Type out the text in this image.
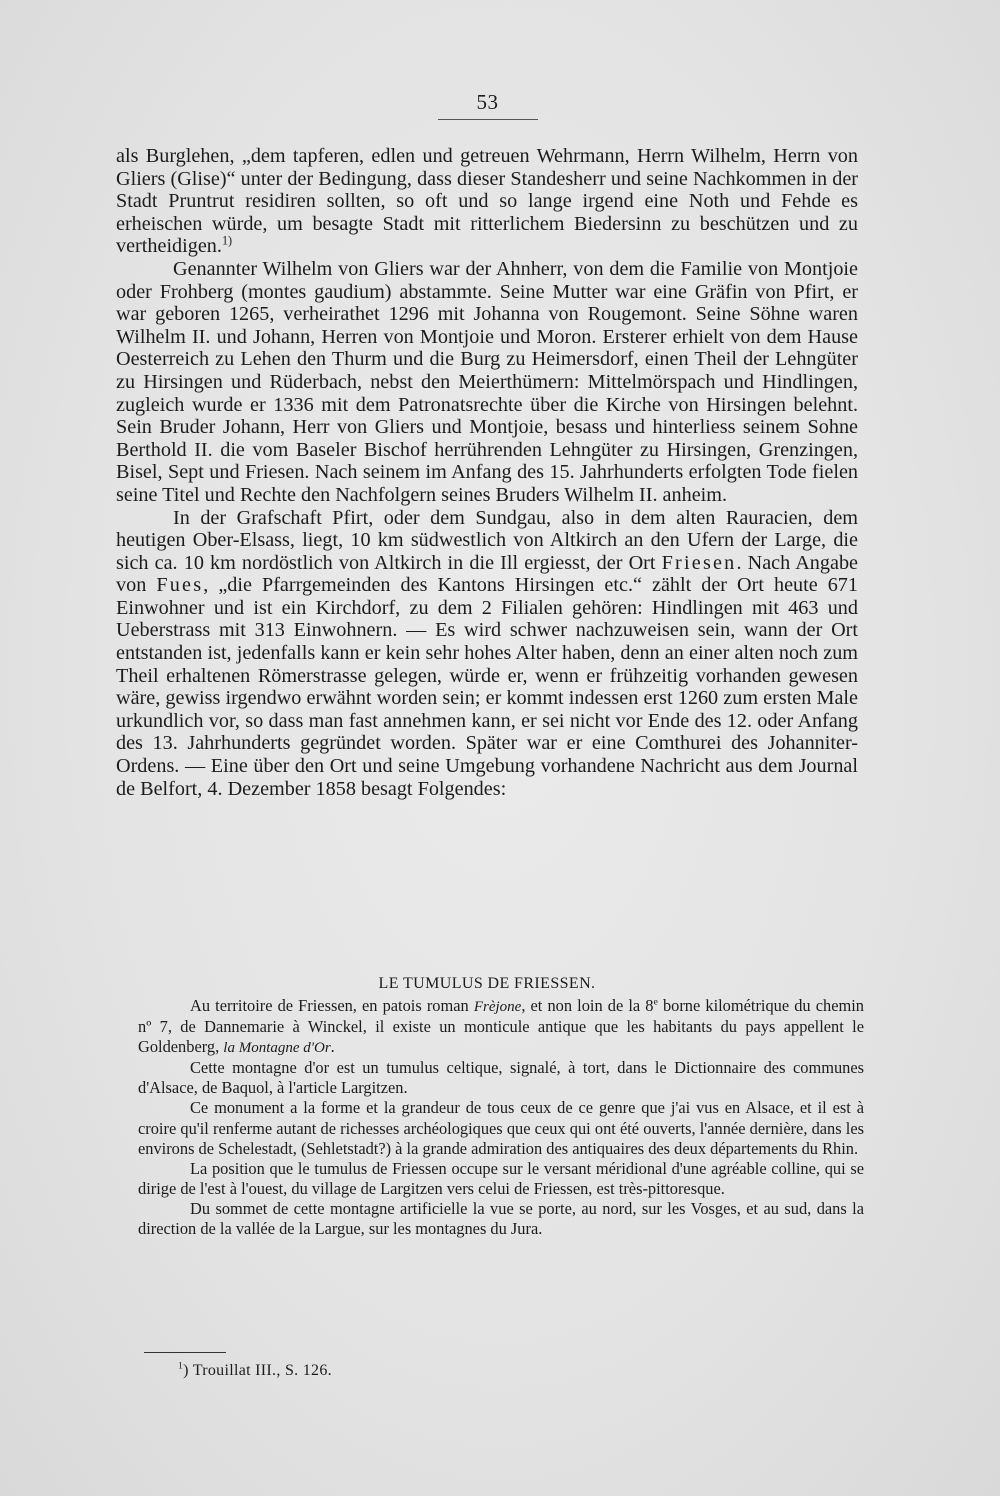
53

als Burglehen, „dem tapferen, edlen und getreuen Wehrmann, Herrn Wilhelm, Herrn von Gliers (Glise)“ unter der Bedingung, dass dieser Standesherr und seine Nachkommen in der Stadt Pruntrut residiren sollten, so oft und so lange irgend eine Noth und Fehde es erheischen würde, um besagte Stadt mit ritterlichem Biedersinn zu beschützen und zu vertheidigen.$^{1)}$

Genannter Wilhelm von Gliers war der Ahnherr, von dem die Familie von Montjoie oder Frohberg (montes gaudium) abstammte. Seine Mutter war eine Gräfin von Pfirt, er war geboren 1265, verheirathet 1296 mit Johanna von Rougemont. Seine Söhne waren Wilhelm II. und Johann, Herren von Montjoie und Moron. Ersterer erhielt von dem Hause Oesterreich zu Lehen den Thurm und die Burg zu Heimersdorf, einen Theil der Lehngüter zu Hirsingen und Rüderbach, nebst den Meierthümern: Mittelmörspach und Hindlingen, zugleich wurde er 1336 mit dem Patronatsrechte über die Kirche von Hirsingen belehnt. Sein Bruder Johann, Herr von Gliers und Montjoie, besass und hinterliess seinem Sohne Berthold II. die vom Baseler Bischof herrührenden Lehngüter zu Hirsingen, Grenzingen, Bisel, Sept und Friesen. Nach seinem im Anfang des 15. Jahrhunderts erfolgten Tode fielen seine Titel und Rechte den Nachfolgern seines Bruders Wilhelm II. anheim.

In der Grafschaft Pfirt, oder dem Sundgau, also in dem alten Rauracien, dem heutigen Ober-Elsass, liegt, 10 km südwestlich von Altkirch an den Ufern der Large, die sich ca. 10 km nordöstlich von Altkirch in die Ill ergiesst, der Ort Friesen. Nach Angabe von Fues, „die Pfarrgemeinden des Kantons Hirsingen etc.“ zählt der Ort heute 671 Einwohner und ist ein Kirchdorf, zu dem 2 Filialen gehören: Hindlingen mit 463 und Ueberstrass mit 313 Einwohnern. — Es wird schwer nachzuweisen sein, wann der Ort entstanden ist, jedenfalls kann er kein sehr hohes Alter haben, denn an einer alten noch zum Theil erhaltenen Römerstrasse gelegen, würde er, wenn er frühzeitig vorhanden gewesen wäre, gewiss irgendwo erwähnt worden sein; er kommt indessen erst 1260 zum ersten Male urkundlich vor, so dass man fast annehmen kann, er sei nicht vor Ende des 12. oder Anfang des 13. Jahrhunderts gegründet worden. Später war er eine Comthurei des Johanniter-Ordens. — Eine über den Ort und seine Umgebung vorhandene Nachricht aus dem Journal de Belfort, 4. Dezember 1858 besagt Folgendes:

LE TUMULUS DE FRIESSEN.

Au territoire de Friessen, en patois roman Frèjone, et non loin de la 8e borne kilométrique du chemin nº 7, de Dannemarie à Winckel, il existe un monticule antique que les habitants du pays appellent le Goldenberg, la Montagne d'Or.

Cette montagne d'or est un tumulus celtique, signalé, à tort, dans le Dictionnaire des communes d'Alsace, de Baquol, à l'article Largitzen.

Ce monument a la forme et la grandeur de tous ceux de ce genre que j'ai vus en Alsace, et il est à croire qu'il renferme autant de richesses archéologiques que ceux qui ont été ouverts, l'année dernière, dans les environs de Schelestadt, (Sehletstadt?) à la grande admiration des antiquaires des deux départements du Rhin.

La position que le tumulus de Friessen occupe sur le versant méridional d'une agréable colline, qui se dirige de l'est à l'ouest, du village de Largitzen vers celui de Friessen, est très-pittoresque.

Du sommet de cette montagne artificielle la vue se porte, au nord, sur les Vosges, et au sud, dans la direction de la vallée de la Largue, sur les montagnes du Jura.

$^1$) Trouillat III., S. 126.
